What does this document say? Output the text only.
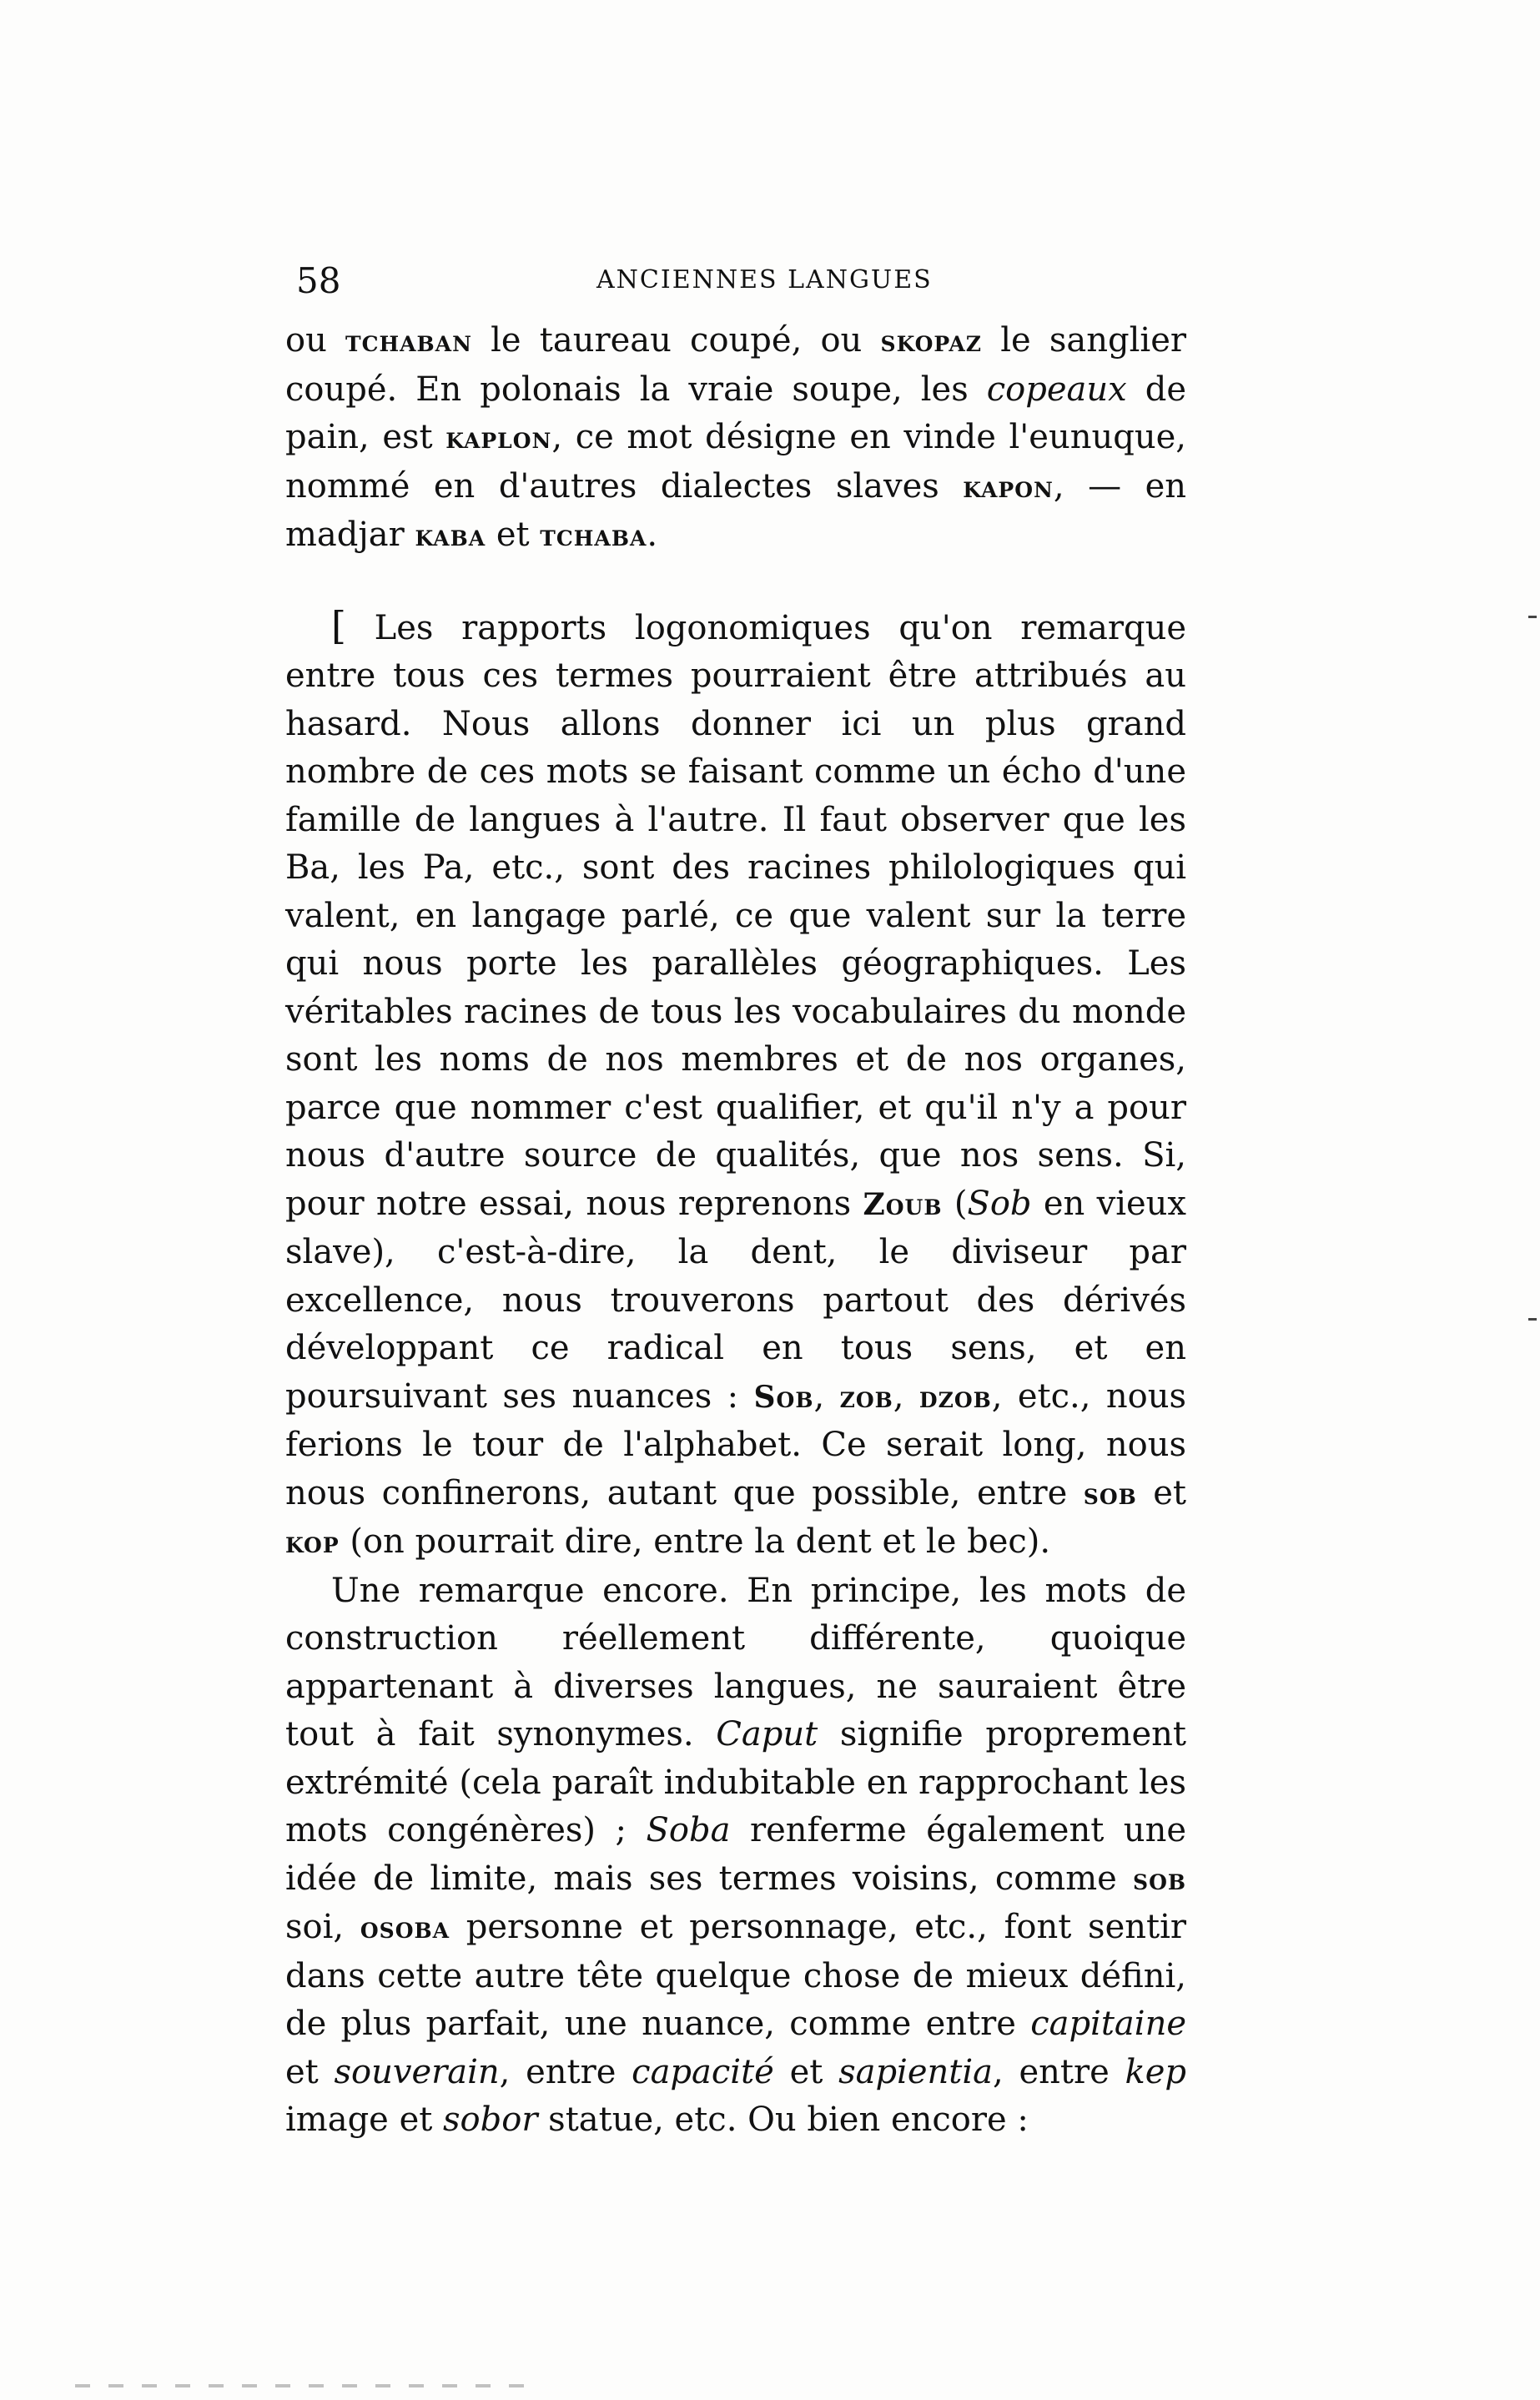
58	ANCIENNES LANGUES

ou tchaban le taureau coupé, ou skopaz le sanglier coupé. En polonais la vraie soupe, les copeaux de pain, est kaplon, ce mot désigne en vinde l'eunuque, nommé en d'autres dialectes slaves kapon, — en madjar kaba et tchaba.

[ Les rapports logonomiques qu'on remarque entre tous ces termes pourraient être attribués au hasard. Nous allons donner ici un plus grand nombre de ces mots se faisant comme un écho d'une famille de langues à l'autre. Il faut observer que les Ba, les Pa, etc., sont des racines philologiques qui valent, en langage parlé, ce que valent sur la terre qui nous porte les parallèles géographiques. Les véritables racines de tous les vocabulaires du monde sont les noms de nos membres et de nos organes, parce que nommer c'est qualifier, et qu'il n'y a pour nous d'autre source de qualités, que nos sens. Si, pour notre essai, nous reprenons Zoub (Sob en vieux slave), c'est-à-dire, la dent, le diviseur par excellence, nous trouverons partout des dérivés développant ce radical en tous sens, et en poursuivant ses nuances : Sob, zob, dzob, etc., nous ferions le tour de l'alphabet. Ce serait long, nous nous confinerons, autant que possible, entre sob et kop (on pourrait dire, entre la dent et le bec).

Une remarque encore. En principe, les mots de construction réellement différente, quoique appartenant à diverses langues, ne sauraient être tout à fait synonymes. Caput signifie proprement extrémité (cela paraît indubitable en rapprochant les mots congénères) ; Soba renferme également une idée de limite, mais ses termes voisins, comme sob soi, osoba personne et personnage, etc., font sentir dans cette autre tête quelque chose de mieux défini, de plus parfait, une nuance, comme entre capitaine et souverain, entre capacité et sapientia, entre kep image et sobor statue, etc. Ou bien encore :
